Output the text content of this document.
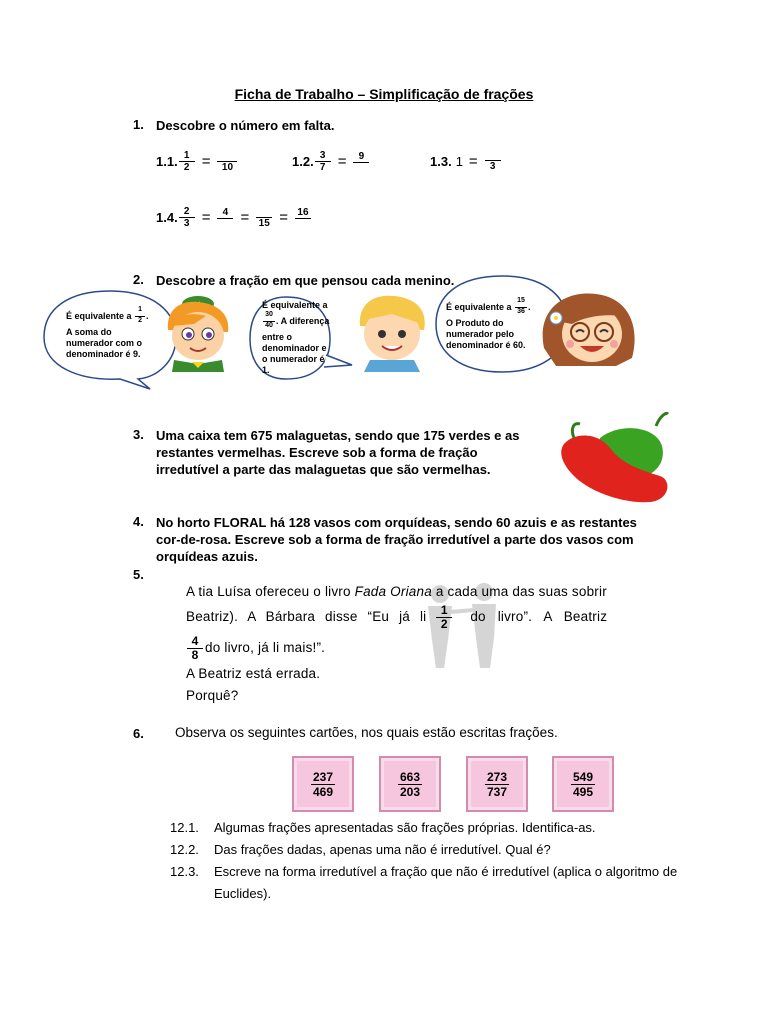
Ficha de Trabalho – Simplificação de frações
1. Descobre o número em falta.
1.1. $\frac{1}{2} = 10$	1.2. $\frac{3}{7}$ =	9	1.3. 1 =	3
1.4. $\frac{2}{3}$ =	4 = 15 = 16
2. Descobre a fração em que pensou cada menino.
É equivalente a $\frac{1}{2}$ . A soma do numerador com o denominador é 9.
É equivalente a
$\frac{30}{40}$ . A diferença entre o denominador e o numerador é 1.
É equivalente a $\frac{15}{36}$ . O Produto do numerador pelo denominador é 60.
3. Uma caixa tem 675 malaguetas, sendo que 175 verdes e as restantes vermelhas. Escreve sob a forma de fração irredutível a parte das malaguetas que são vermelhas.
4. No horto FLORAL há 128 vasos com orquídeas, sendo 60 azuis e as restantes cor-de-rosa. Escreve sob a forma de fração irredutível a parte dos vasos com orquídeas azuis.
5.
A tia Luísa ofereceu o livro Fada Oriana a cada uma das suas sobrir
Beatriz). A Bárbara disse “Eu já li $\frac{1}{2}$ do livro”. A Beatriz
$\frac{4}{8}$ do livro, já li mais!”.
A Beatriz está errada.
Porquê?
6. Observa os seguintes cartões, nos quais estão escritas frações.
237
469
663
203
273
737
549
495
12.1. Algumas frações apresentadas são frações próprias. Identifica-as.
12.2. Das frações dadas, apenas uma não é irredutível. Qual é?
12.3. Escreve na forma irredutível a fração que não é irredutível (aplica o algoritmo de
Euclides).
